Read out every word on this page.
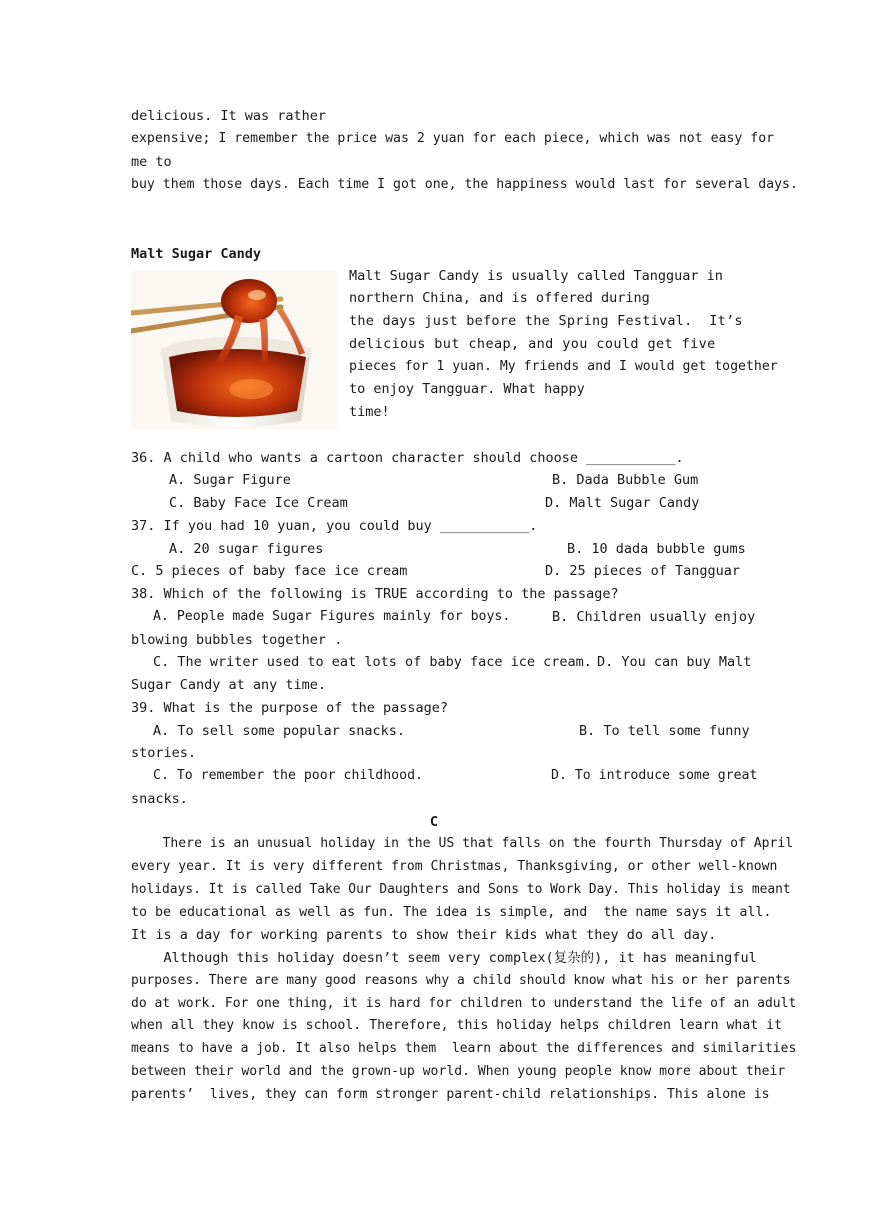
delicious. It was rather
expensive; I remember the price was 2 yuan for each piece, which was not easy for
me to
buy them those days. Each time I got one, the happiness would last for several days.
Malt Sugar Candy
Malt Sugar Candy is usually called Tangguar in
northern China, and is offered during
the days just before the Spring Festival.  It’s
delicious but cheap, and you could get five
pieces for 1 yuan. My friends and I would get together
to enjoy Tangguar. What happy
time!
36. A child who wants a cartoon character should choose ___________.
A. Sugar Figure	B. Dada Bubble Gum
C. Baby Face Ice Cream	D. Malt Sugar Candy
37. If you had 10 yuan, you could buy ___________.
A. 20 sugar figures	B. 10 dada bubble gums
C. 5 pieces of baby face ice cream	D. 25 pieces of Tangguar
38. Which of the following is TRUE according to the passage?
A. People made Sugar Figures mainly for boys.	B. Children usually enjoy
blowing bubbles together .
C. The writer used to eat lots of baby face ice cream. D. You can buy Malt
Sugar Candy at any time.
39. What is the purpose of the passage?
A. To sell some popular snacks.	B. To tell some funny
stories.
C. To remember the poor childhood.	D. To introduce some great
snacks.
C
There is an unusual holiday in the US that falls on the fourth Thursday of April
every year. It is very different from Christmas, Thanksgiving, or other well-known
holidays. It is called Take Our Daughters and Sons to Work Day. This holiday is meant
to be educational as well as fun. The idea is simple, and  the name says it all.
It is a day for working parents to show their kids what they do all day.
Although this holiday doesn’t seem very complex(复杂的), it has meaningful
purposes. There are many good reasons why a child should know what his or her parents
do at work. For one thing, it is hard for children to understand the life of an adult
when all they know is school. Therefore, this holiday helps children learn what it
means to have a job. It also helps them  learn about the differences and similarities
between their world and the grown-up world. When young people know more about their
parents’  lives, they can form stronger parent-child relationships. This alone is
